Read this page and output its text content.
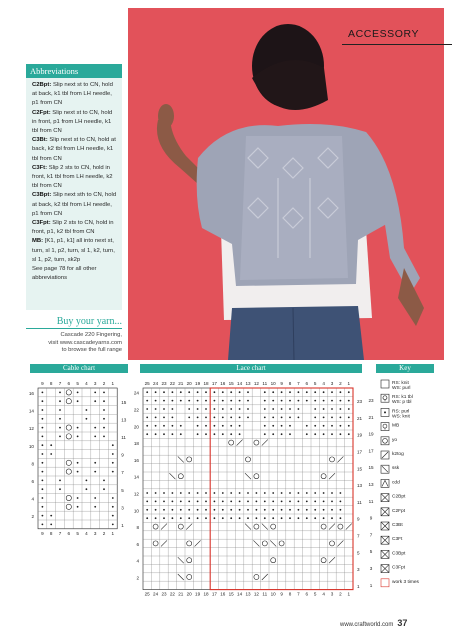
ACCESSORY
Abbreviations
C2Bpt: Slip next st to CN, hold at back, k1 tbl from LH needle, p1 from CN
C2Fpt: Slip next st to CN, hold in front, p1 from LH needle, k1 tbl from CN
C3Bt: Slip next st to CN, hold at back, k2 tbl from LH needle, k1 tbl from CN
C3Ft: Slip 2 sts to CN, hold in front, k1 tbl from LH needle, k2 tbl from CN
C3Bpt: Slip next sth to CN, hold at back, k2 tbl from LH needle, p1 from CN
C3Fpt: Slip 2 sts to CN, hold in front, p1, k2 tbl from CN
MB: [K1, p1, k1] all into next st, turn, sl 1, p2, turn, sl 1, k2, turn, sl 1, p2, turn, sk2p
See page 78 for all other abbreviations
Buy your yarn...
Cascade 220 Fingering,
visit www.cascadeyarns.com
to browse the full range
Cable chart	Lace chart	Key
9
9
8
8
7
7
6
6
5
5
4
4
3
3
2
2
1
1
16
14
12
10
8
6
4
2
15
13
11
9
7
5
3
1
25
25
24
24
23
23
22
22
21
21
20
20
19
19
18
18
17
17
16
16
15
15
14
14
13
13
12
12
11
11
10
10
9
9
8
8
7
7
6
6
5
5
4
4
3
3
2
2
1
1
24
22
20
18
16
14
12
10
8
6
4
2
23
21
19
17
15
13
11
9
7
5
3
1
RS: knit
WS: purl
RS: k1 tbl
WS: p tbl
RS: purl
WS: knit
MB
yo
k2tog
ssk
cdd
C2Bpt
C2Fpt
C3Bt
C3Ft
C3Bpt
C3Fpt
work 3 times
23
21
19
17
15
13
11
9
7
5
3
1
www.craftworld.com 37
